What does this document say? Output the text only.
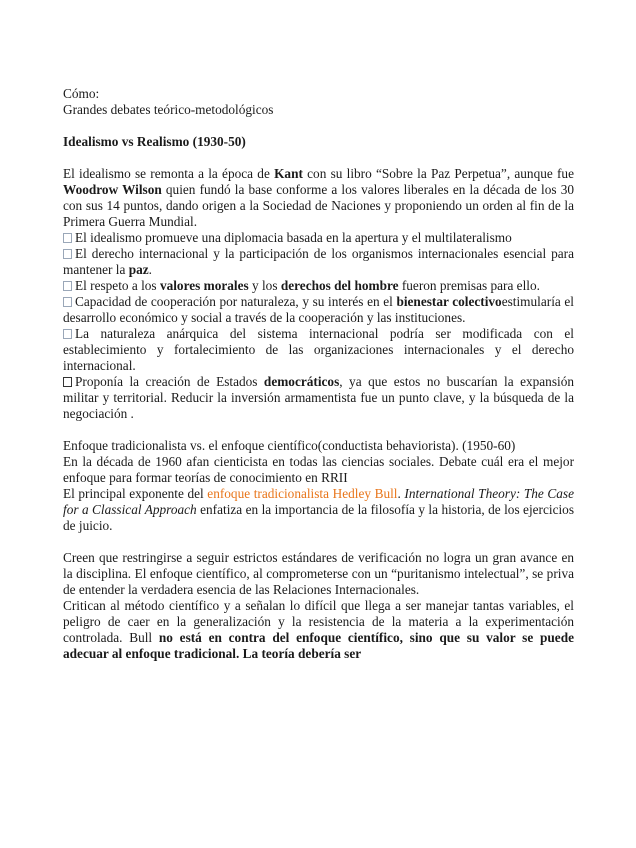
Cómo:

Grandes debates teórico-metodológicos

Idealismo vs Realismo (1930-50)

El idealismo se remonta a la época de Kant con su libro “Sobre la Paz Perpetua”, aunque fue Woodrow Wilson quien fundó la base conforme a los valores liberales en la década de los 30 con sus 14 puntos, dando origen a la Sociedad de Naciones y proponiendo un orden al fin de la Primera Guerra Mundial.

El idealismo promueve una diplomacia basada en la apertura y el multilateralismo

El derecho internacional y la participación de los organismos internacionales esencial para mantener la paz.

El respeto a los valores morales y los derechos del hombre fueron premisas para ello.

Capacidad de cooperación por naturaleza, y su interés en el bienestar colectivoestimularía el desarrollo económico y social a través de la cooperación y las instituciones.

La naturaleza anárquica del sistema internacional podría ser modificada con el establecimiento y fortalecimiento de las organizaciones internacionales y el derecho internacional.

Proponía la creación de Estados democráticos, ya que estos no buscarían la expansión militar y territorial. Reducir la inversión armamentista fue un punto clave, y la búsqueda de la negociación .

Enfoque tradicionalista vs. el enfoque científico(conductista behaviorista). (1950-60)

En la década de 1960 afan cienticista en todas las ciencias sociales. Debate cuál era el mejor enfoque para formar teorías de conocimiento en RRII

El principal exponente del enfoque tradicionalista Hedley Bull. International Theory: The Case for a Classical Approach enfatiza en la importancia de la filosofía y la historia, de los ejercicios de juicio.

Creen que restringirse a seguir estrictos estándares de verificación no logra un gran avance en la disciplina. El enfoque científico, al comprometerse con un “puritanismo intelectual”, se priva de entender la verdadera esencia de las Relaciones Internacionales.

Critican al método científico y a señalan lo difícil que llega a ser manejar tantas variables, el peligro de caer en la generalización y la resistencia de la materia a la experimentación controlada. Bull no está en contra del enfoque científico, sino que su valor se puede adecuar al enfoque tradicional. La teoría debería ser
